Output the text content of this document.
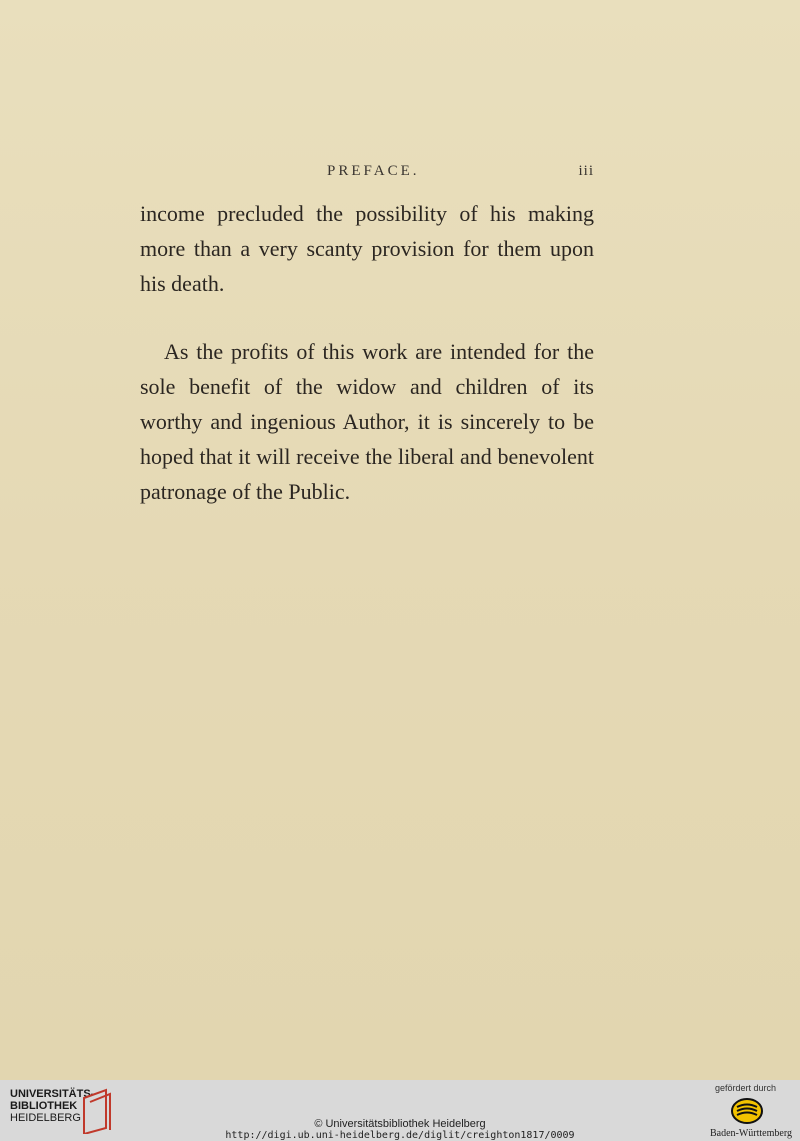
PREFACE.	iii

income precluded the possibility of his making more than a very scanty provision for them upon his death.

As the profits of this work are intended for the sole benefit of the widow and children of its worthy and ingenious Author, it is sincerely to be hoped that it will receive the liberal and benevolent patronage of the Public.

UNIVERSITÄTS-
BIBLIOTHEK
HEIDELBERG	© Universitätsbibliothek Heidelberg
http://digi.ub.uni-heidelberg.de/diglit/creighton1817/0009
gefördert durch
Baden-Württemberg
